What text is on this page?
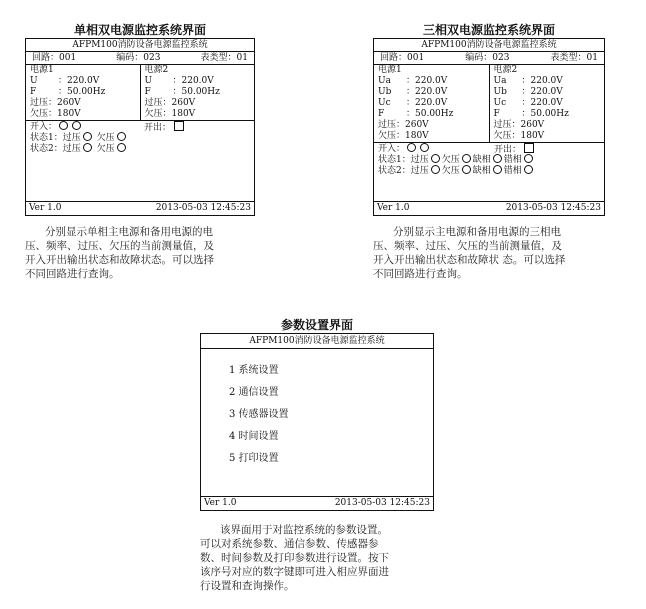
单相双电源监控系统界面
AFPM100消防设备电源监控系统
回路：001	编码：023	表类型：01
电源1
U	：220.0V
F	：50.00Hz
过压：260V
欠压：180V
电源2
U	：220.0V
F	：50.00Hz
过压：260V
欠压：180V
开入：	开出：
状态1：过压 欠压
状态2：过压 欠压
Ver 1.0	2013-05-03 12:45:23
分别显示单相主电源和备用电源的电
压、频率、过压、欠压的当前测量值，及
开入开出输出状态和故障状态。可以选择
不同回路进行查询。
三相双电源监控系统界面
AFPM100消防设备电源监控系统
回路：001	编码：023	表类型：01
电源1
Ua	：220.0V
Ub	：220.0V
Uc	：220.0V
F	：50.00Hz
过压：260V
欠压：180V
电源2
Ua	：220.0V
Ub	：220.0V
Uc	：220.0V
F	：50.00Hz
过压：260V
欠压：180V
开入：	开出：
状态1：过压 欠压 缺相 错相
状态2：过压 欠压 缺相 错相
Ver 1.0	2013-05-03 12:45:23
分别显示主电源和备用电源的三相电
压、频率、过压、欠压的当前测量值，及
开入开出输出状态和故障状 态。可以选择
不同回路进行查询。
参数设置界面
AFPM100消防设备电源监控系统
1 系统设置
2 通信设置
3 传感器设置
4 时间设置
5 打印设置
Ver 1.0	2013-05-03 12:45:23
该界面用于对监控系统的参数设置。
可以对系统参数、通信参数、传感器参
数、时间参数及打印参数进行设置。按下
该序号对应的数字键即可进入相应界面进
行设置和查询操作。
